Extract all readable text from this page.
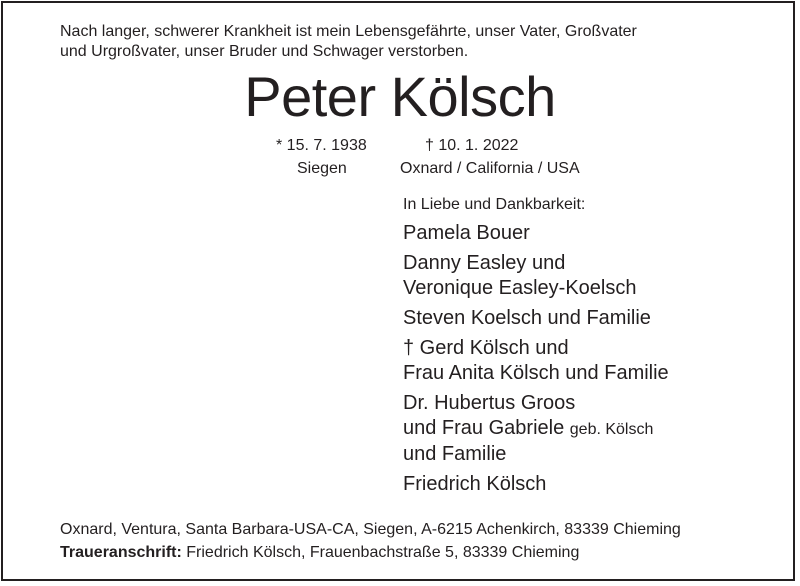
Nach langer, schwerer Krankheit ist mein Lebensgefährte, unser Vater, Großvater
und Urgroßvater, unser Bruder und Schwager verstorben.
Peter Kölsch
* 15. 7. 1938	† 10. 1. 2022
Siegen	Oxnard / California / USA
In Liebe und Dankbarkeit:
Pamela Bouer
Danny Easley und
Veronique Easley-Koelsch
Steven Koelsch und Familie
† Gerd Kölsch und
Frau Anita Kölsch und Familie
Dr. Hubertus Groos
und Frau Gabriele geb. Kölsch
und Familie
Friedrich Kölsch
Oxnard, Ventura, Santa Barbara-USA-CA, Siegen, A-6215 Achenkirch, 83339 Chieming
Traueranschrift: Friedrich Kölsch, Frauenbachstraße 5, 83339 Chieming
